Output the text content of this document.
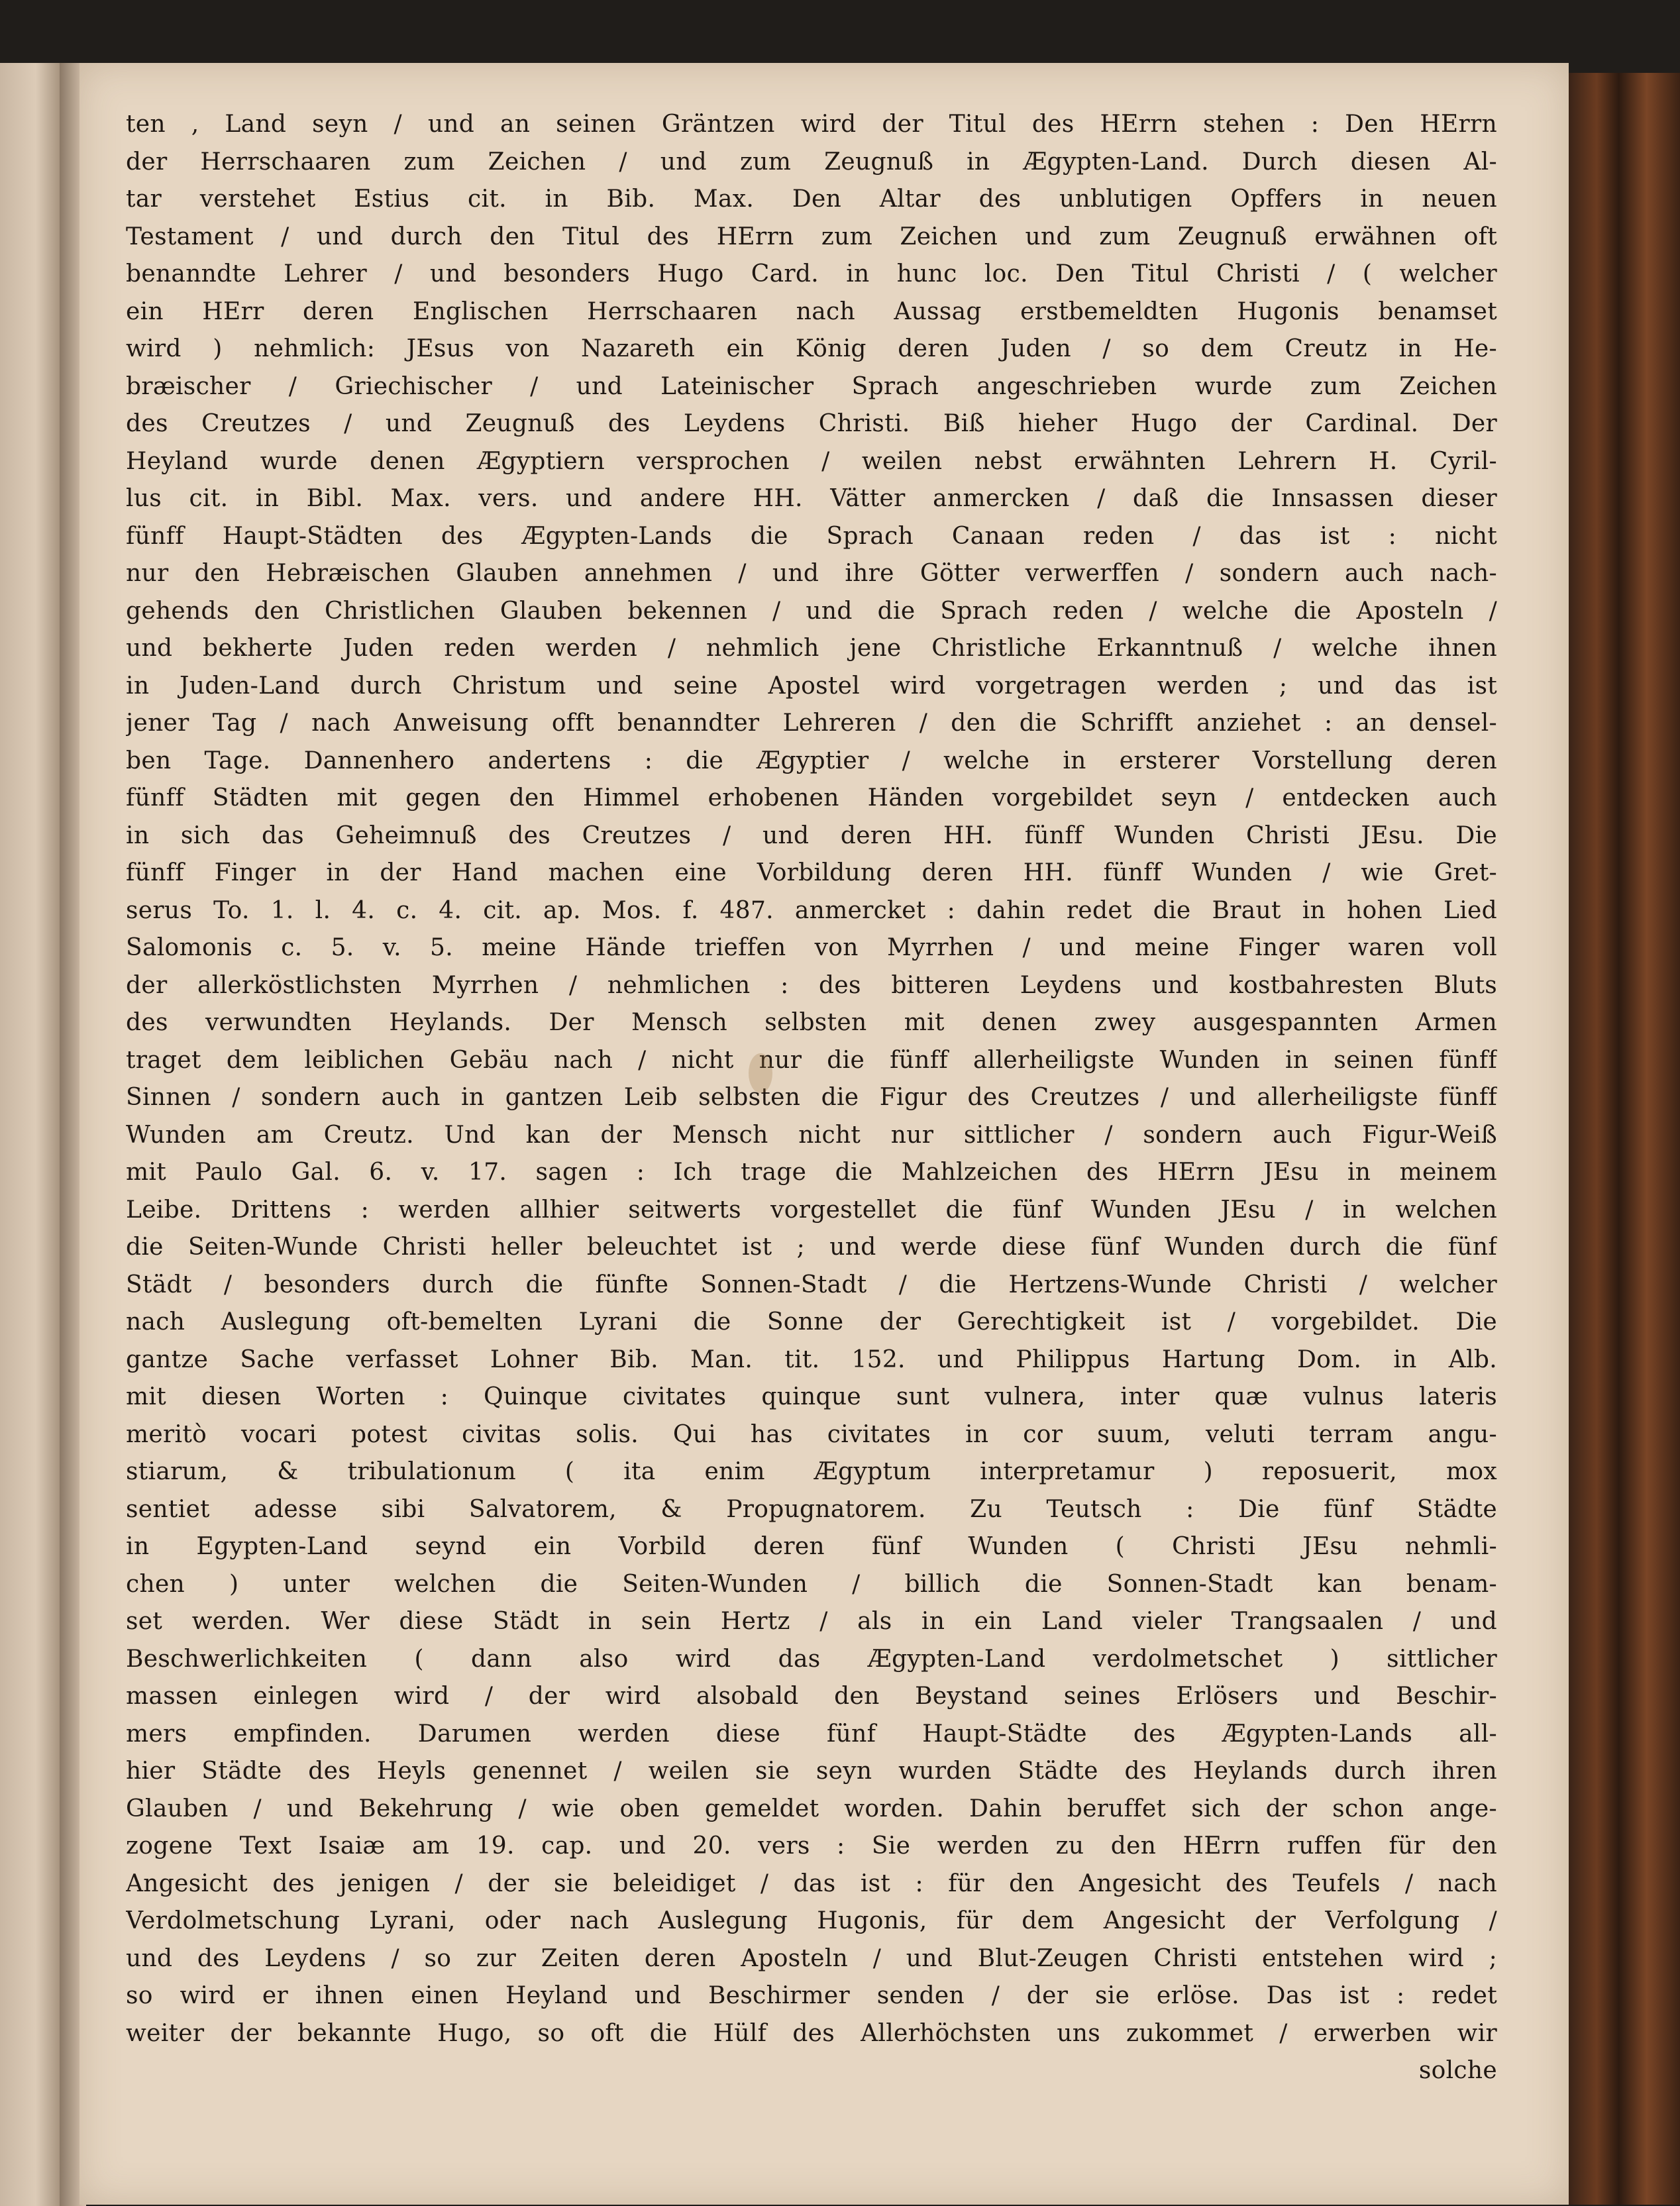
ten , Land seyn / und an seinen Gräntzen wird der Titul des HErrn stehen : Den HErrn
der Herrschaaren zum Zeichen / und zum Zeugnuß in Ægypten-Land. Durch diesen Al-
tar verstehet Estius cit. in Bib. Max. Den Altar des unblutigen Opffers in neuen
Testament / und durch den Titul des HErrn zum Zeichen und zum Zeugnuß erwähnen oft
benanndte Lehrer / und besonders Hugo Card. in hunc loc. Den Titul Christi / ( welcher
ein HErr deren Englischen Herrschaaren nach Aussag erstbemeldten Hugonis benamset
wird ) nehmlich: JEsus von Nazareth ein König deren Juden / so dem Creutz in He-
bræischer / Griechischer / und Lateinischer Sprach angeschrieben wurde zum Zeichen
des Creutzes / und Zeugnuß des Leydens Christi. Biß hieher Hugo der Cardinal. Der
Heyland wurde denen Ægyptiern versprochen / weilen nebst erwähnten Lehrern H. Cyril-
lus cit. in Bibl. Max. vers. und andere HH. Vätter anmercken / daß die Innsassen dieser
fünff Haupt-Städten des Ægypten-Lands die Sprach Canaan reden / das ist : nicht
nur den Hebræischen Glauben annehmen / und ihre Götter verwerffen / sondern auch nach-
gehends den Christlichen Glauben bekennen / und die Sprach reden / welche die Aposteln /
und bekherte Juden reden werden / nehmlich jene Christliche Erkanntnuß / welche ihnen
in Juden-Land durch Christum und seine Apostel wird vorgetragen werden ; und das ist
jener Tag / nach Anweisung offt benanndter Lehreren / den die Schrifft anziehet : an densel-
ben Tage. Dannenhero andertens : die Ægyptier / welche in ersterer Vorstellung deren
fünff Städten mit gegen den Himmel erhobenen Händen vorgebildet seyn / entdecken auch
in sich das Geheimnuß des Creutzes / und deren HH. fünff Wunden Christi JEsu. Die
fünff Finger in der Hand machen eine Vorbildung deren HH. fünff Wunden / wie Gret-
serus To. 1. l. 4. c. 4. cit. ap. Mos. f. 487. anmercket : dahin redet die Braut in hohen Lied
Salomonis c. 5. v. 5. meine Hände trieffen von Myrrhen / und meine Finger waren voll
der allerköstlichsten Myrrhen / nehmlichen : des bitteren Leydens und kostbahresten Bluts
des verwundten Heylands. Der Mensch selbsten mit denen zwey ausgespannten Armen
traget dem leiblichen Gebäu nach / nicht nur die fünff allerheiligste Wunden in seinen fünff
Sinnen / sondern auch in gantzen Leib selbsten die Figur des Creutzes / und allerheiligste fünff
Wunden am Creutz. Und kan der Mensch nicht nur sittlicher / sondern auch Figur-Weiß
mit Paulo Gal. 6. v. 17. sagen : Ich trage die Mahlzeichen des HErrn JEsu in meinem
Leibe. Drittens : werden allhier seitwerts vorgestellet die fünf Wunden JEsu / in welchen
die Seiten-Wunde Christi heller beleuchtet ist ; und werde diese fünf Wunden durch die fünf
Städt / besonders durch die fünfte Sonnen-Stadt / die Hertzens-Wunde Christi / welcher
nach Auslegung oft-bemelten Lyrani die Sonne der Gerechtigkeit ist / vorgebildet. Die
gantze Sache verfasset Lohner Bib. Man. tit. 152. und Philippus Hartung Dom. in Alb.
mit diesen Worten : Quinque civitates quinque sunt vulnera, inter quæ vulnus lateris
meritò vocari potest civitas solis. Qui has civitates in cor suum, veluti terram angu-
stiarum, & tribulationum ( ita enim Ægyptum interpretamur ) reposuerit, mox
sentiet adesse sibi Salvatorem, & Propugnatorem. Zu Teutsch : Die fünf Städte
in Egypten-Land seynd ein Vorbild deren fünf Wunden ( Christi JEsu nehmli-
chen ) unter welchen die Seiten-Wunden / billich die Sonnen-Stadt kan benam-
set werden. Wer diese Städt in sein Hertz / als in ein Land vieler Trangsaalen / und
Beschwerlichkeiten ( dann also wird das Ægypten-Land verdolmetschet ) sittlicher
massen einlegen wird / der wird alsobald den Beystand seines Erlösers und Beschir-
mers empfinden. Darumen werden diese fünf Haupt-Städte des Ægypten-Lands all-
hier Städte des Heyls genennet / weilen sie seyn wurden Städte des Heylands durch ihren
Glauben / und Bekehrung / wie oben gemeldet worden. Dahin beruffet sich der schon ange-
zogene Text Isaiæ am 19. cap. und 20. vers : Sie werden zu den HErrn ruffen für den
Angesicht des jenigen / der sie beleidiget / das ist : für den Angesicht des Teufels / nach
Verdolmetschung Lyrani, oder nach Auslegung Hugonis, für dem Angesicht der Verfolgung /
und des Leydens / so zur Zeiten deren Aposteln / und Blut-Zeugen Christi entstehen wird ;
so wird er ihnen einen Heyland und Beschirmer senden / der sie erlöse. Das ist : redet
weiter der bekannte Hugo, so oft die Hülf des Allerhöchsten uns zukommet / erwerben wir
solche
